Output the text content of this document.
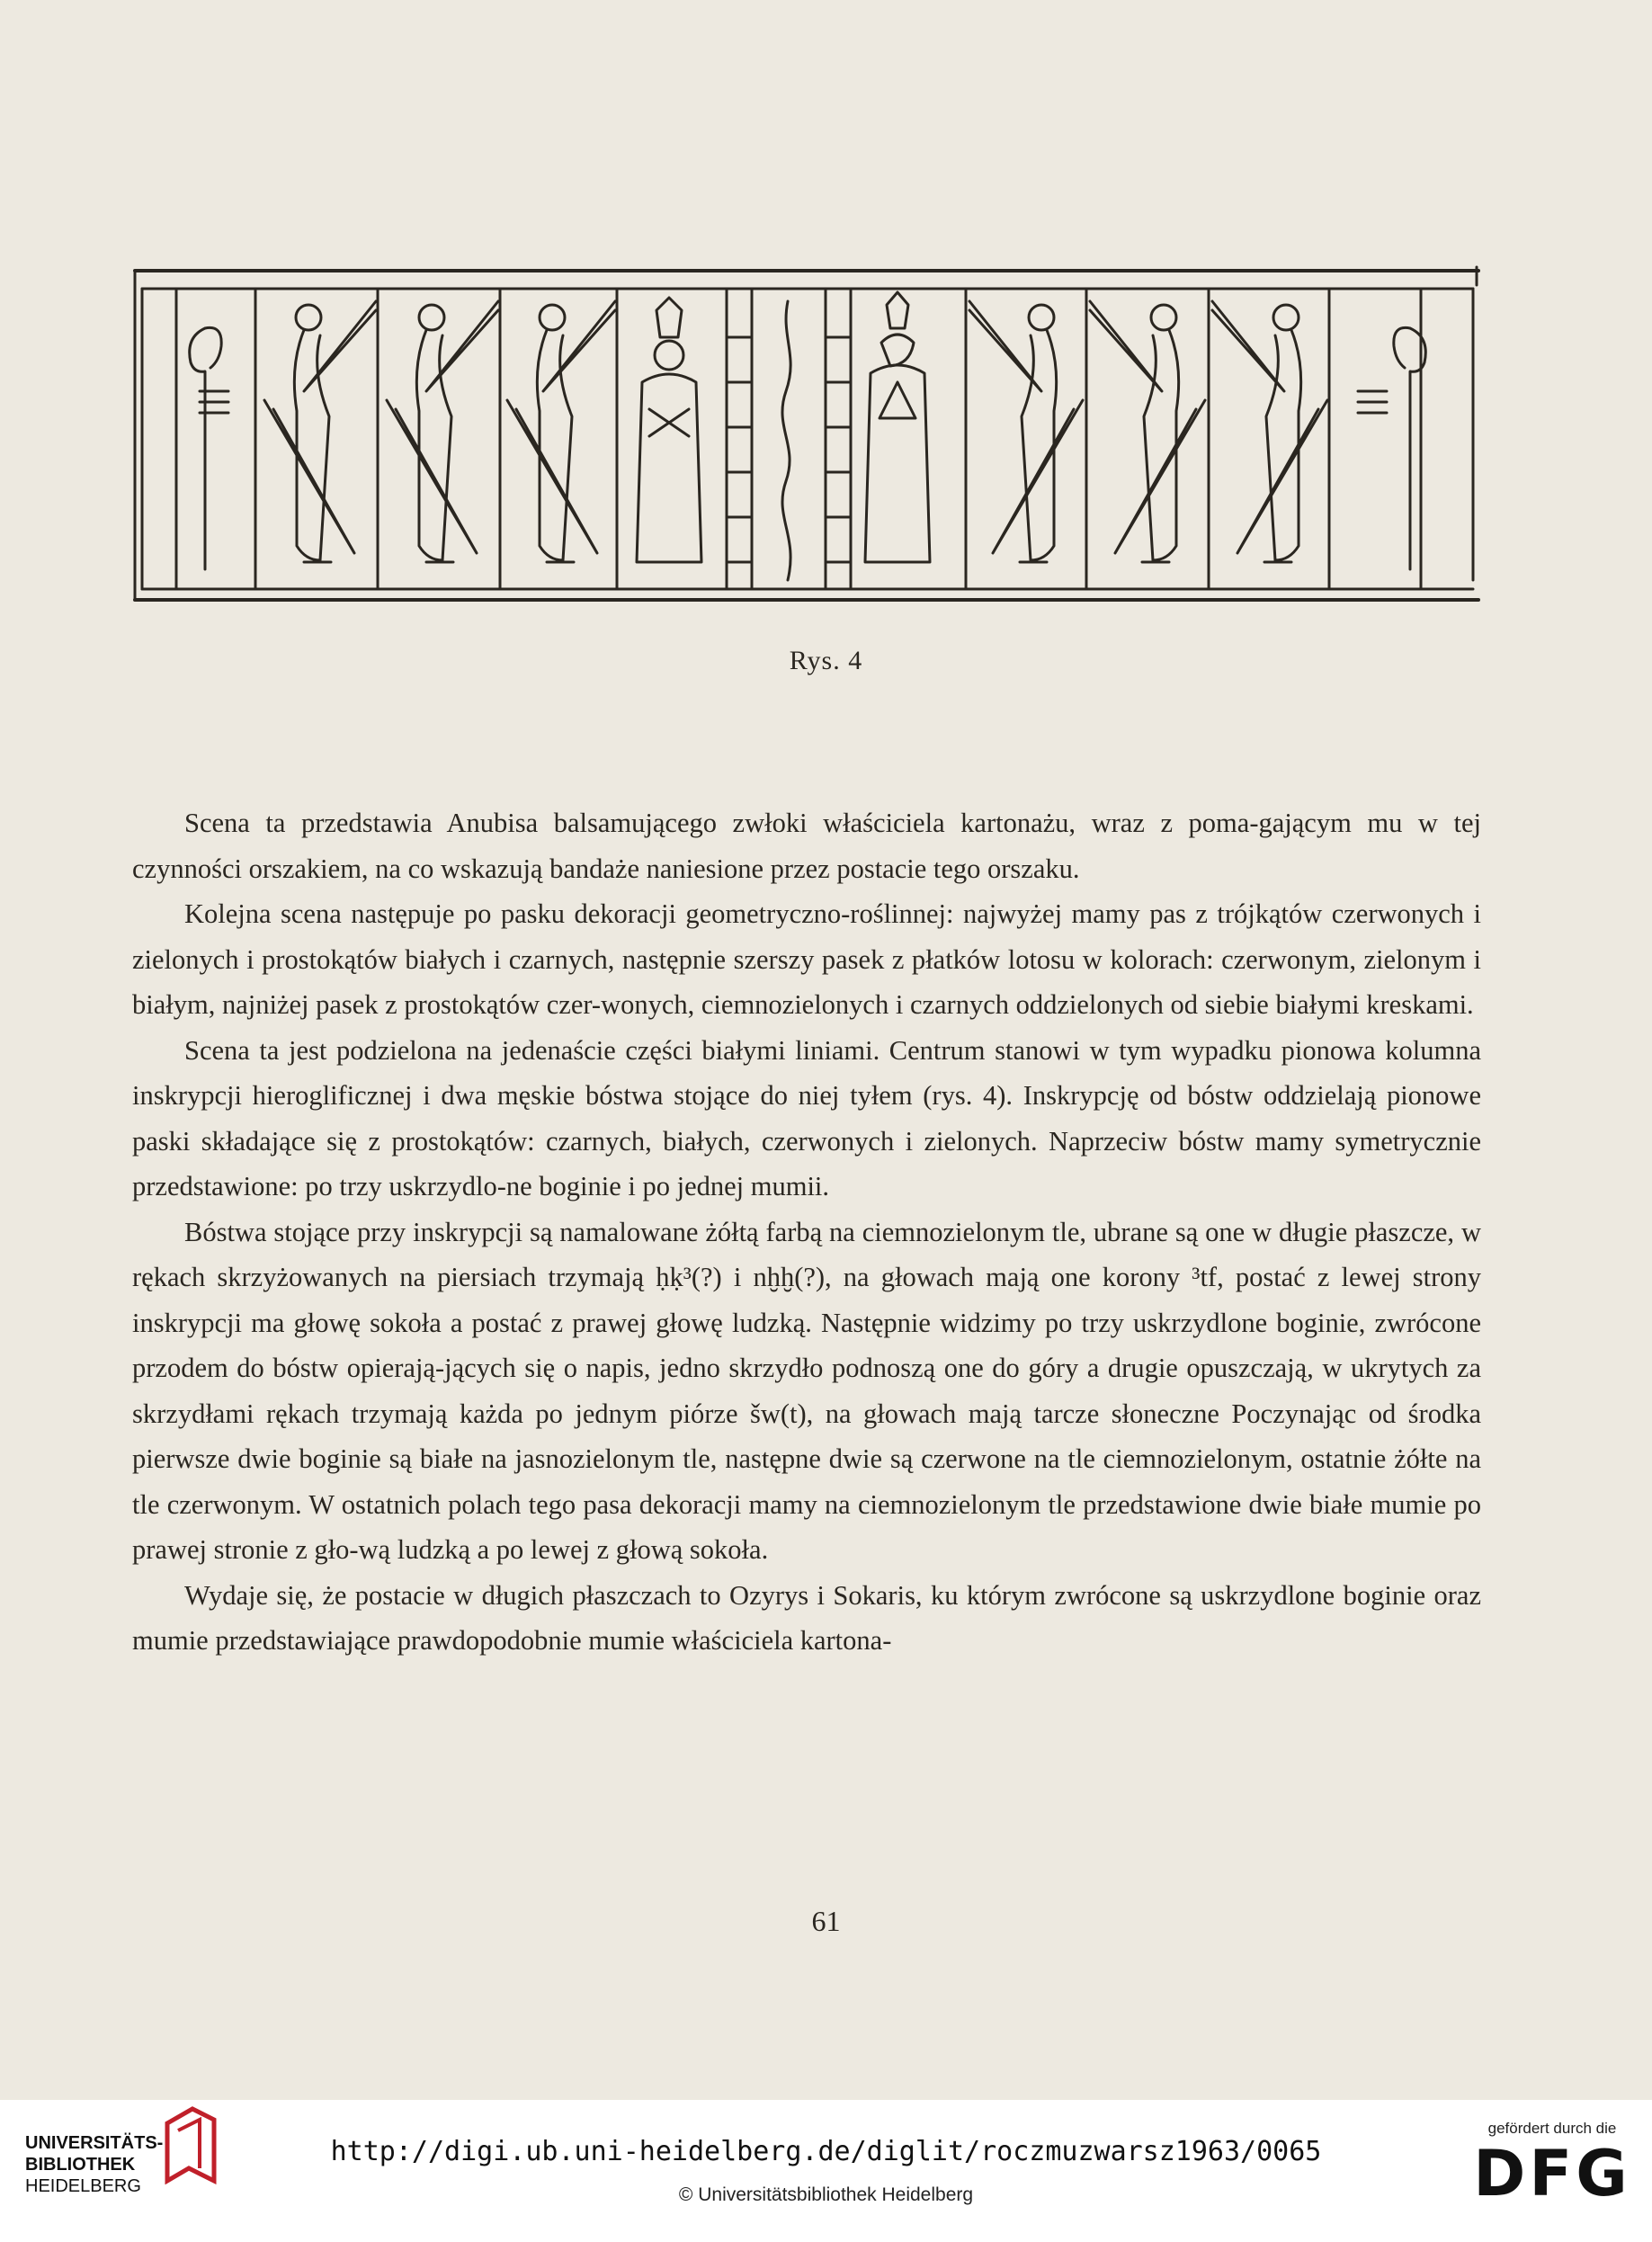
Rys. 4

Scena ta przedstawia Anubisa balsamującego zwłoki właściciela kartonażu, wraz z poma-gającym mu w tej czynności orszakiem, na co wskazują bandaże naniesione przez postacie tego orszaku.

Kolejna scena następuje po pasku dekoracji geometryczno-roślinnej: najwyżej mamy pas z trójkątów czerwonych i zielonych i prostokątów białych i czarnych, następnie szerszy pasek z płatków lotosu w kolorach: czerwonym, zielonym i białym, najniżej pasek z prostokątów czer-wonych, ciemnozielonych i czarnych oddzielonych od siebie białymi kreskami.

Scena ta jest podzielona na jedenaście części białymi liniami. Centrum stanowi w tym wypadku pionowa kolumna inskrypcji hieroglificznej i dwa męskie bóstwa stojące do niej tyłem (rys. 4). Inskrypcję od bóstw oddzielają pionowe paski składające się z prostokątów: czarnych, białych, czerwonych i zielonych. Naprzeciw bóstw mamy symetrycznie przedstawione: po trzy uskrzydlo-ne boginie i po jednej mumii.

Bóstwa stojące przy inskrypcji są namalowane żółtą farbą na ciemnozielonym tle, ubrane są one w długie płaszcze, w rękach skrzyżowanych na piersiach trzymają ḥḳ³(?) i nḫḫ(?), na głowach mają one korony ³tf, postać z lewej strony inskrypcji ma głowę sokoła a postać z prawej głowę ludzką. Następnie widzimy po trzy uskrzydlone boginie, zwrócone przodem do bóstw opierają-jących się o napis, jedno skrzydło podnoszą one do góry a drugie opuszczają, w ukrytych za skrzydłami rękach trzymają każda po jednym piórze šw(t), na głowach mają tarcze słoneczne Poczynając od środka pierwsze dwie boginie są białe na jasnozielonym tle, następne dwie są czerwone na tle ciemnozielonym, ostatnie żółte na tle czerwonym. W ostatnich polach tego pasa dekoracji mamy na ciemnozielonym tle przedstawione dwie białe mumie po prawej stronie z gło-wą ludzką a po lewej z głową sokoła.

Wydaje się, że postacie w długich płaszczach to Ozyrys i Sokaris, ku którym zwrócone są uskrzydlone boginie oraz mumie przedstawiające prawdopodobnie mumie właściciela kartona-

61
UNIVERSITÄTS-
BIBLIOTHEK
HEIDELBERG
http://digi.ub.uni-heidelberg.de/diglit/roczmuzwarsz1963/0065
© Universitätsbibliothek Heidelberg
gefördert durch die
DFG
